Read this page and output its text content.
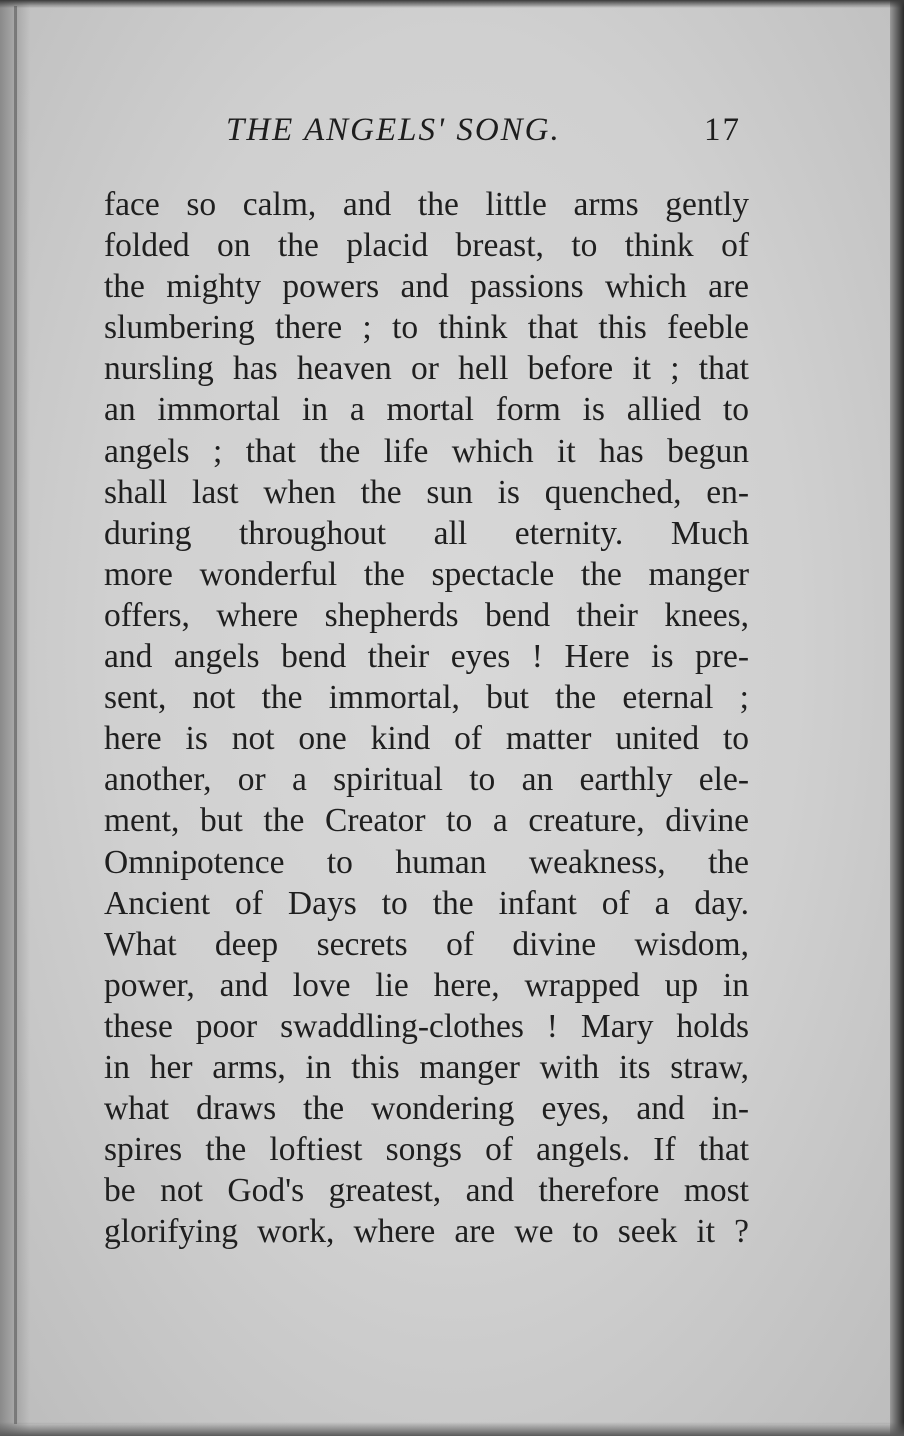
THE ANGELS' SONG.	17
face so calm, and the little arms gently
folded on the placid breast, to think of
the mighty powers and passions which are
slumbering there ; to think that this feeble
nursling has heaven or hell before it ; that
an immortal in a mortal form is allied to
angels ; that the life which it has begun
shall last when the sun is quenched, en-
during throughout all eternity. Much
more wonderful the spectacle the manger
offers, where shepherds bend their knees,
and angels bend their eyes ! Here is pre-
sent, not the immortal, but the eternal ;
here is not one kind of matter united to
another, or a spiritual to an earthly ele-
ment, but the Creator to a creature, divine
Omnipotence to human weakness, the
Ancient of Days to the infant of a day.
What deep secrets of divine wisdom,
power, and love lie here, wrapped up in
these poor swaddling-clothes ! Mary holds
in her arms, in this manger with its straw,
what draws the wondering eyes, and in-
spires the loftiest songs of angels. If that
be not God's greatest, and therefore most
glorifying work, where are we to seek it ?
